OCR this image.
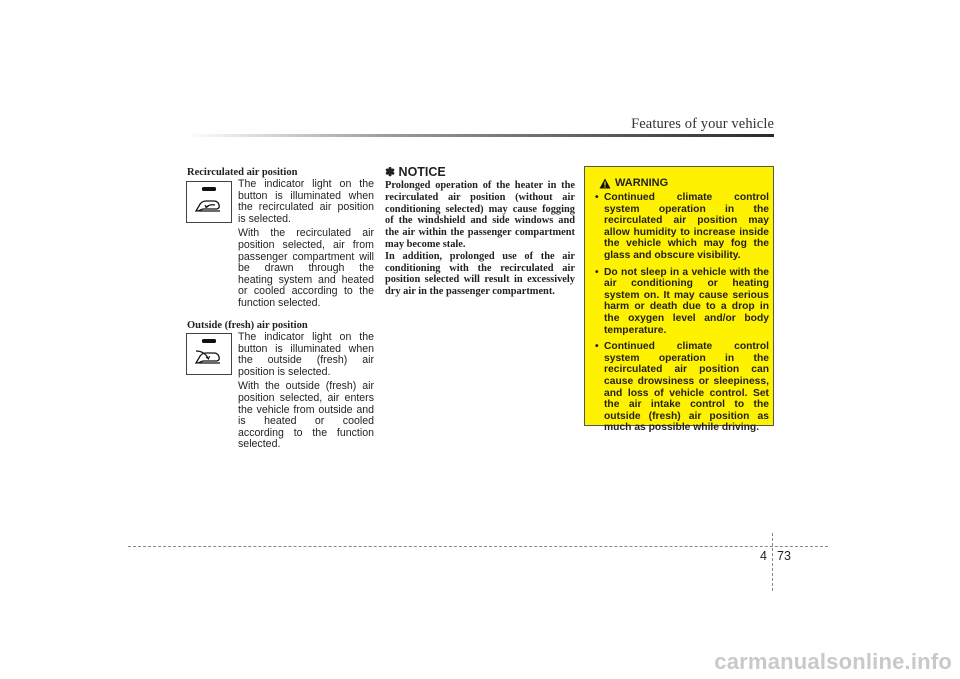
Features of your vehicle
Recirculated air position

The indicator light on the button is illuminated when the recirculated air position is selected.

With the recirculated air position selected, air from passenger compartment will be drawn through the heating system and heated or cooled according to the function selected.

Outside (fresh) air position

The indicator light on the button is illuminated when the outside (fresh) air position is selected.

With the outside (fresh) air position selected, air enters the vehicle from outside and is heated or cooled according to the function selected.

✽ NOTICE

Prolonged operation of the heater in the recirculated air position (without air conditioning selected) may cause fogging of the windshield and side windows and the air within the passenger compartment may become stale.

In addition, prolonged use of the air conditioning with the recirculated air position selected will result in excessively dry air in the passenger compartment.

WARNING
• Continued climate control system operation in the recirculated air position may allow humidity to increase inside the vehicle which may fog the glass and obscure visibility.
• Do not sleep in a vehicle with the air conditioning or heating system on. It may cause serious harm or death due to a drop in the oxygen level and/or body temperature.
• Continued climate control system operation in the recirculated air position can cause drowsiness or sleepiness, and loss of vehicle control. Set the air intake control to the outside (fresh) air position as much as possible while driving.
4 73
carmanualsonline.info
